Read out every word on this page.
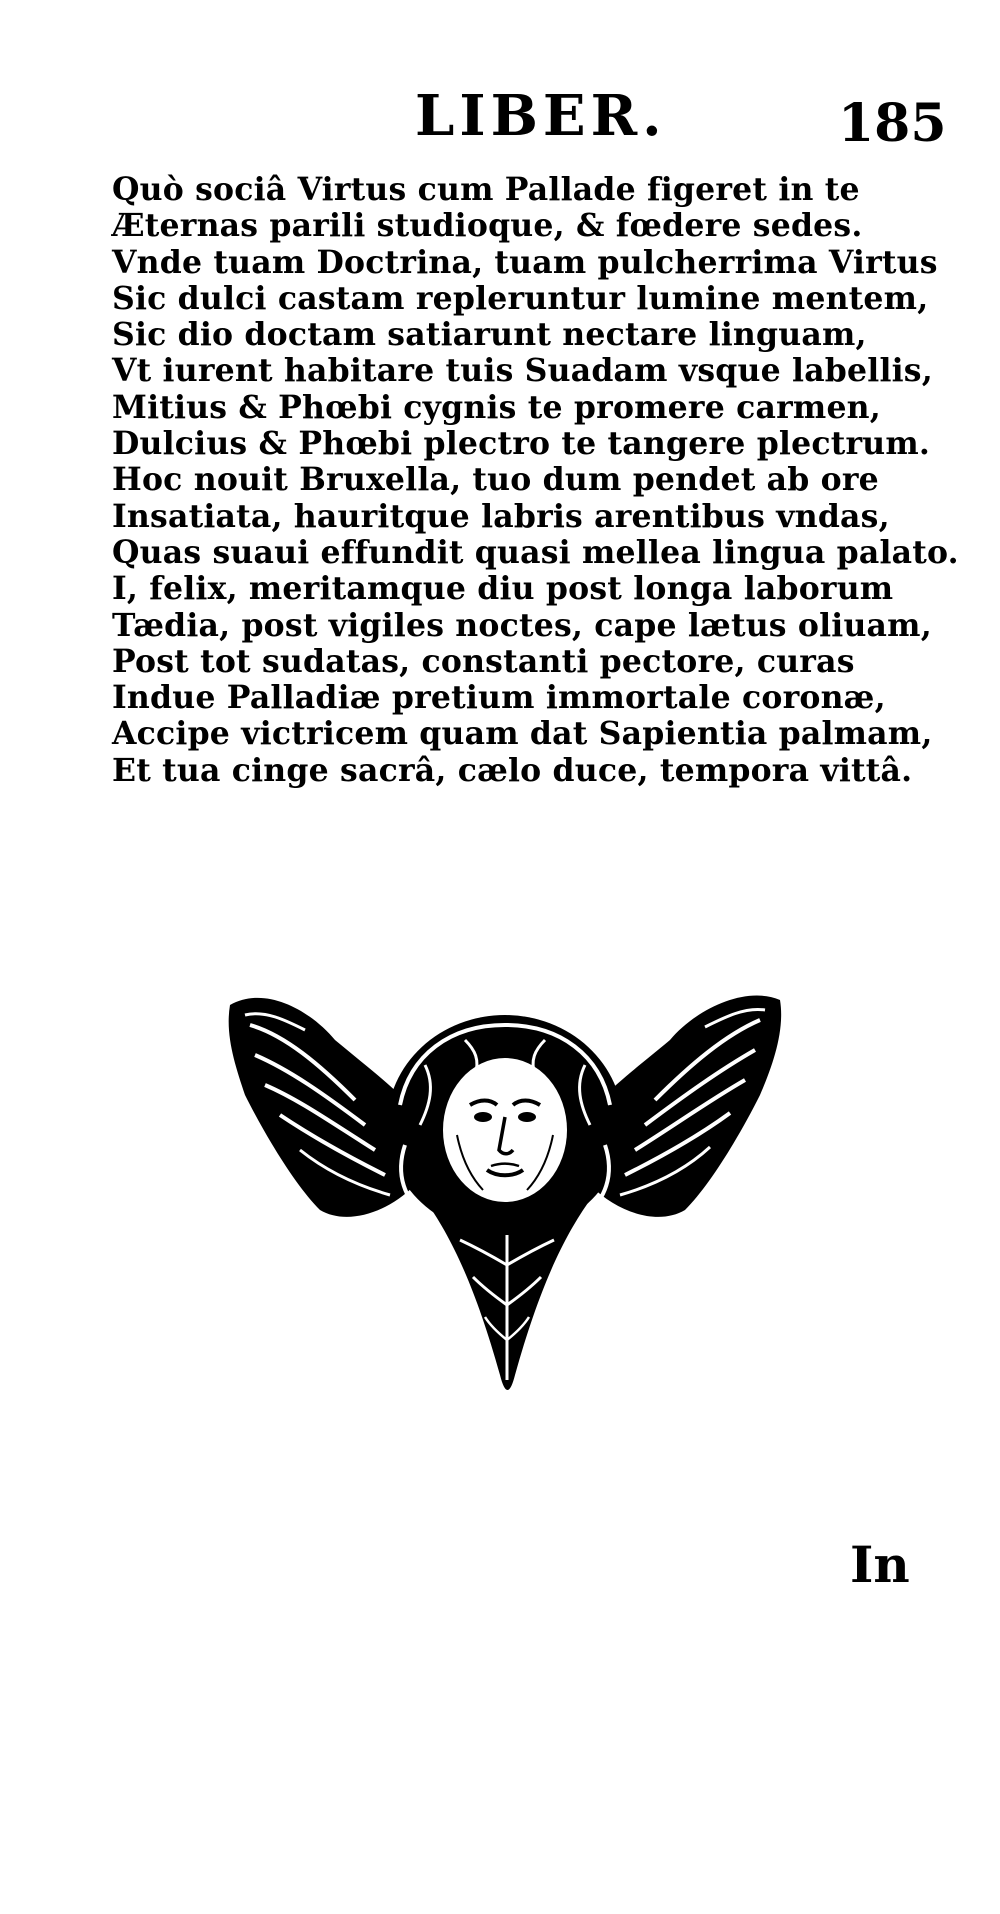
LIBER.	185
Quò sociâ Virtus cum Pallade figeret in te
Æternas parili studioque, & fœdere sedes.
Vnde tuam Doctrina, tuam pulcherrima Virtus
Sic dulci castam repleruntur lumine mentem,
Sic dio doctam satiarunt nectare linguam,
Vt iurent habitare tuis Suadam vsque labellis,
Mitius & Phœbi cygnis te promere carmen,
Dulcius & Phœbi plectro te tangere plectrum.
Hoc nouit Bruxella, tuo dum pendet ab ore
Insatiata, hauritque labris arentibus vndas,
Quas suaui effundit quasi mellea lingua palato.
I, felix, meritamque diu post longa laborum
Tædia, post vigiles noctes, cape lætus oliuam,
Post tot sudatas, constanti pectore, curas
Indue Palladiæ pretium immortale coronæ,
Accipe victricem quam dat Sapientia palmam,
Et tua cinge sacrâ, cælo duce, tempora vittâ.
In
